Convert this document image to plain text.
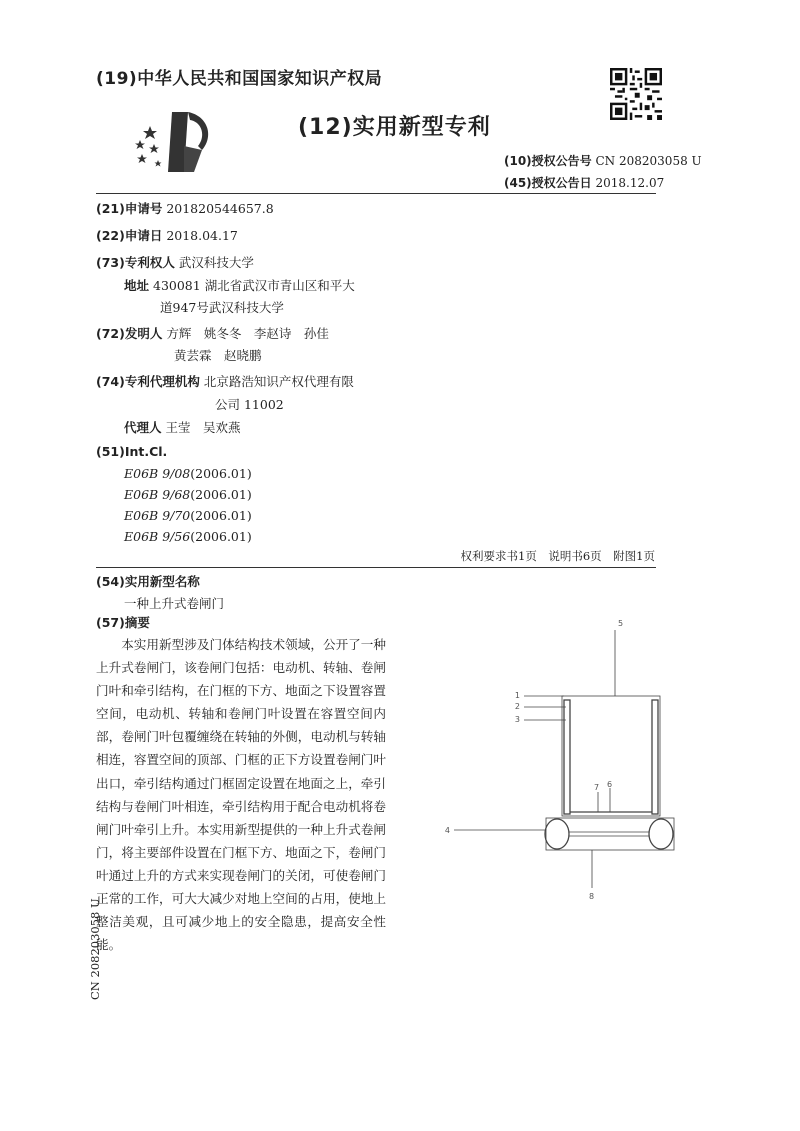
(19)中华人民共和国国家知识产权局
(12)实用新型专利
(10)授权公告号 CN 208203058 U
(45)授权公告日 2018.12.07
(21)申请号 201820544657.8
(22)申请日 2018.04.17
(73)专利权人 武汉科技大学
地址 430081 湖北省武汉市青山区和平大
道947号武汉科技大学
(72)发明人 方辉　姚冬冬　李赵诗　孙佳
黄芸霖　赵晓鹏
(74)专利代理机构 北京路浩知识产权代理有限
公司 11002
代理人 王莹　吴欢燕
(51)Int.Cl.
E06B 9/08(2006.01)
E06B 9/68(2006.01)
E06B 9/70(2006.01)
E06B 9/56(2006.01)
权利要求书1页　说明书6页　附图1页
(54)实用新型名称
一种上升式卷闸门
(57)摘要
本实用新型涉及门体结构技术领域，公开了一种上升式卷闸门，该卷闸门包括：电动机、转轴、卷闸门叶和牵引结构，在门框的下方、地面之下设置容置空间，电动机、转轴和卷闸门叶设置在容置空间内部，卷闸门叶包覆缠绕在转轴的外侧，电动机与转轴相连，容置空间的顶部、门框的正下方设置卷闸门叶出口，牵引结构通过门框固定设置在地面之上，牵引结构与卷闸门叶相连，牵引结构用于配合电动机将卷闸门叶牵引上升。本实用新型提供的一种上升式卷闸门，将主要部件设置在门框下方、地面之下，卷闸门叶通过上升的方式来实现卷闸门的关闭，可使卷闸门正常的工作，可大大减少对地上空间的占用，使地上整洁美观，且可减少地上的安全隐患，提高安全性能。
CN 208203058 U
5
1
2
3
7 6
4
8
